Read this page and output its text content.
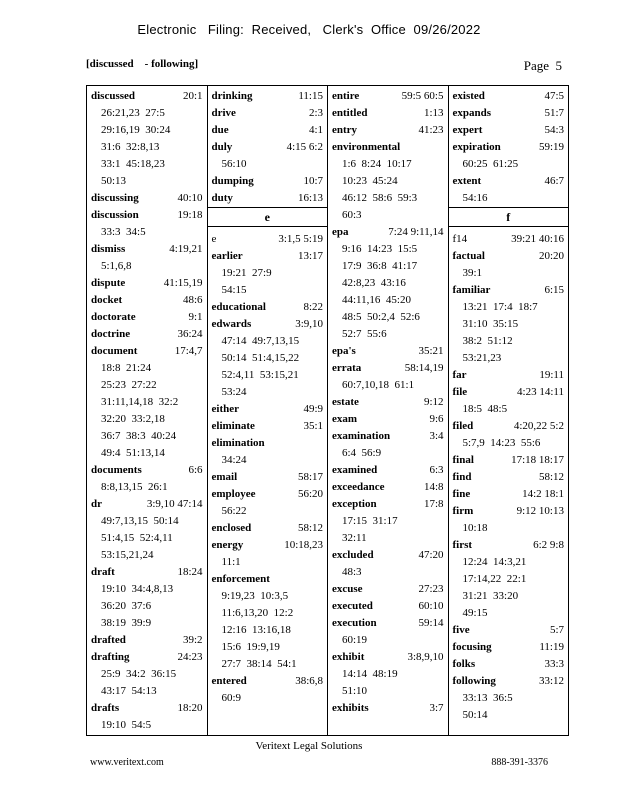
Electronic   Filing:  Received,   Clerk's  Office  09/26/2022
[discussed    - following]	Page  5
discussed	20:1
26:21,23  27:5
29:16,19  30:24
31:6  32:8,13
33:1  45:18,23
50:13
discussing	40:10
discussion	19:18
33:3  34:5
dismiss	4:19,21
5:1,6,8
dispute	41:15,19
docket	48:6
doctorate	9:1
doctrine	36:24
document	17:4,7
18:8  21:24
25:23  27:22
31:11,14,18  32:2
32:20  33:2,18
36:7  38:3  40:24
49:4  51:13,14
documents	6:6
8:8,13,15  26:1
dr	3:9,10 47:14
49:7,13,15  50:14
51:4,15  52:4,11
53:15,21,24
draft	18:24
19:10  34:4,8,13
36:20  37:6
38:19  39:9
drafted	39:2
drafting	24:23
25:9  34:2  36:15
43:17  54:13
drafts	18:20
19:10  54:5
drinking	11:15
drive	2:3
due	4:1
duly	4:15 6:2
56:10
dumping	10:7
duty	16:13
e
e	3:1,5 5:19
earlier	13:17
19:21  27:9
54:15
educational	8:22
edwards	3:9,10
47:14  49:7,13,15
50:14  51:4,15,22
52:4,11  53:15,21
53:24
either	49:9
eliminate	35:1
elimination
34:24
email	58:17
employee	56:20
56:22
enclosed	58:12
energy	10:18,23
11:1
enforcement
9:19,23  10:3,5
11:6,13,20  12:2
12:16  13:16,18
15:6  19:9,19
27:7  38:14  54:1
entered	38:6,8
60:9
entire	59:5 60:5
entitled	1:13
entry	41:23
environmental
1:6  8:24  10:17
10:23  45:24
46:12  58:6  59:3
60:3
epa	7:24 9:11,14
9:16  14:23  15:5
17:9  36:8  41:17
42:8,23  43:16
44:11,16  45:20
48:5  50:2,4  52:6
52:7  55:6
epa's	35:21
errata	58:14,19
60:7,10,18  61:1
estate	9:12
exam	9:6
examination	3:4
6:4  56:9
examined	6:3
exceedance	14:8
exception	17:8
17:15  31:17
32:11
excluded	47:20
48:3
excuse	27:23
executed	60:10
execution	59:14
60:19
exhibit	3:8,9,10
14:14  48:19
51:10
exhibits	3:7
existed	47:5
expands	51:7
expert	54:3
expiration	59:19
60:25  61:25
extent	46:7
54:16
f
f14	39:21 40:16
factual	20:20
39:1
familiar	6:15
13:21  17:4  18:7
31:10  35:15
38:2  51:12
53:21,23
far	19:11
file	4:23 14:11
18:5  48:5
filed	4:20,22 5:2
5:7,9  14:23  55:6
final	17:18 18:17
find	58:12
fine	14:2 18:1
firm	9:12 10:13
10:18
first	6:2 9:8
12:24  14:3,21
17:14,22  22:1
31:21  33:20
49:15
five	5:7
focusing	11:19
folks	33:3
following	33:12
33:13  36:5
50:14
Veritext Legal Solutions
www.veritext.com	888-391-3376
